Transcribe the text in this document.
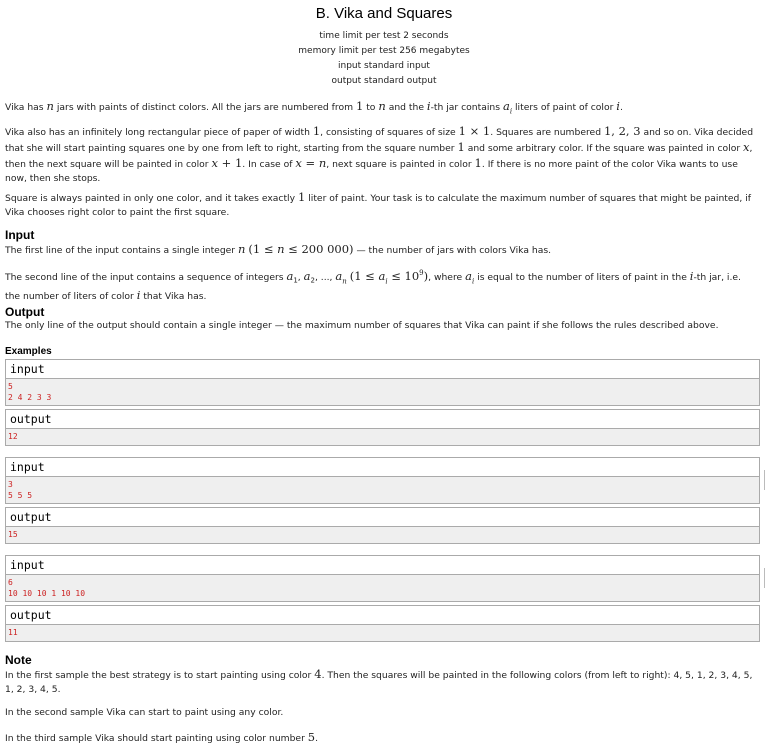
B. Vika and Squares
time limit per test 2 seconds
memory limit per test 256 megabytes
input standard input
output standard output
Vika has n jars with paints of distinct colors. All the jars are numbered from 1 to n and the i-th jar contains $a_i$ liters of paint of color i.
Vika also has an infinitely long rectangular piece of paper of width 1, consisting of squares of size 1 × 1. Squares are numbered 1, 2, 3 and so on. Vika decided that she will start painting squares one by one from left to right, starting from the square number 1 and some arbitrary color. If the square was painted in color x, then the next square will be painted in color x + 1. In case of x = n, next square is painted in color 1. If there is no more paint of the color Vika wants to use now, then she stops.
Square is always painted in only one color, and it takes exactly 1 liter of paint. Your task is to calculate the maximum number of squares that might be painted, if Vika chooses right color to paint the first square.
Input
The first line of the input contains a single integer n (1 ≤ n ≤ 200 000) — the number of jars with colors Vika has.
The second line of the input contains a sequence of integers $a_1$, $a_2$, ..., $a_n$ $(1 \le a_i \le 10^9)$, where $a_i$ is equal to the number of liters of paint in the i-th jar, i.e. the number of liters of color i that Vika has.
Output
The only line of the output should contain a single integer — the maximum number of squares that Vika can paint if she follows the rules described above.
Examples
input
5
2 4 2 3 3
output
12
input
3
5 5 5
output
15
input
6
10 10 10 1 10 10
output
11
Note
In the first sample the best strategy is to start painting using color 4. Then the squares will be painted in the following colors (from left to right): 4, 5, 1, 2, 3, 4, 5, 1, 2, 3, 4, 5.
In the second sample Vika can start to paint using any color.
In the third sample Vika should start painting using color number 5.
